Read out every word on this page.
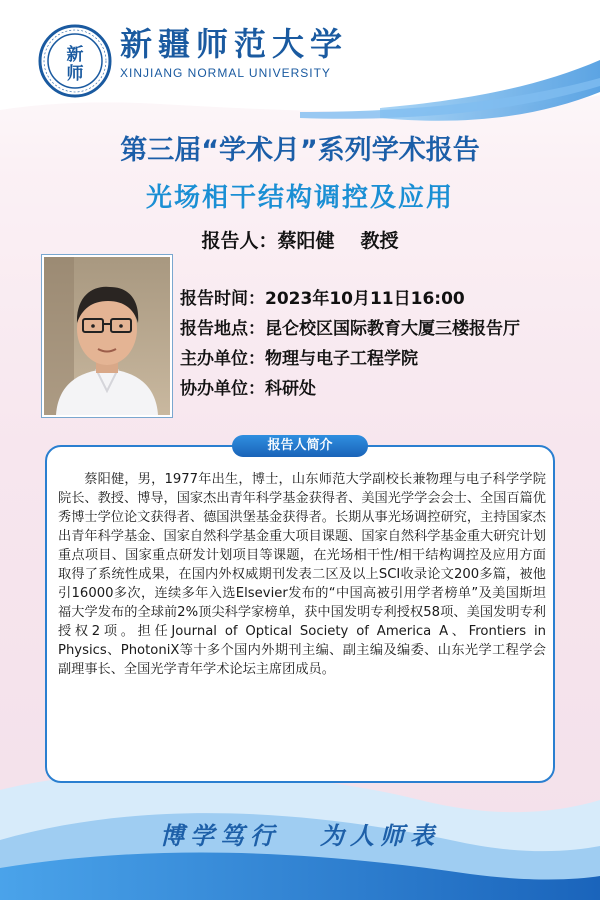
新
师
新疆师范大学
XINJIANG NORMAL UNIVERSITY
第三届“学术月”系列学术报告
光场相干结构调控及应用
报告人：蔡阳健 教授
报告时间：2023年10月11日16:00
报告地点：昆仑校区国际教育大厦三楼报告厅
主办单位：物理与电子工程学院
协办单位：科研处
报告人简介
蔡阳健，男，1977年出生，博士，山东师范大学副校长兼物理与电子科学学院院长、教授、博导，国家杰出青年科学基金获得者、美国光学学会会士、全国百篇优秀博士学位论文获得者、德国洪堡基金获得者。长期从事光场调控研究，主持国家杰出青年科学基金、国家自然科学基金重大项目课题、国家自然科学基金重大研究计划重点项目、国家重点研发计划项目等课题，在光场相干性/相干结构调控及应用方面取得了系统性成果，在国内外权威期刊发表二区及以上SCI收录论文200多篇，被他引16000多次，连续多年入选Elsevier发布的“中国高被引用学者榜单”及美国斯坦福大学发布的全球前2%顶尖科学家榜单，获中国发明专利授权58项、美国发明专利授权2项。担任Journal of Optical Society of America A、Frontiers in Physics、PhotoniX等十多个国内外期刊主编、副主编及编委、山东光学工程学会副理事长、全国光学青年学术论坛主席团成员。
博学笃行 为人师表
